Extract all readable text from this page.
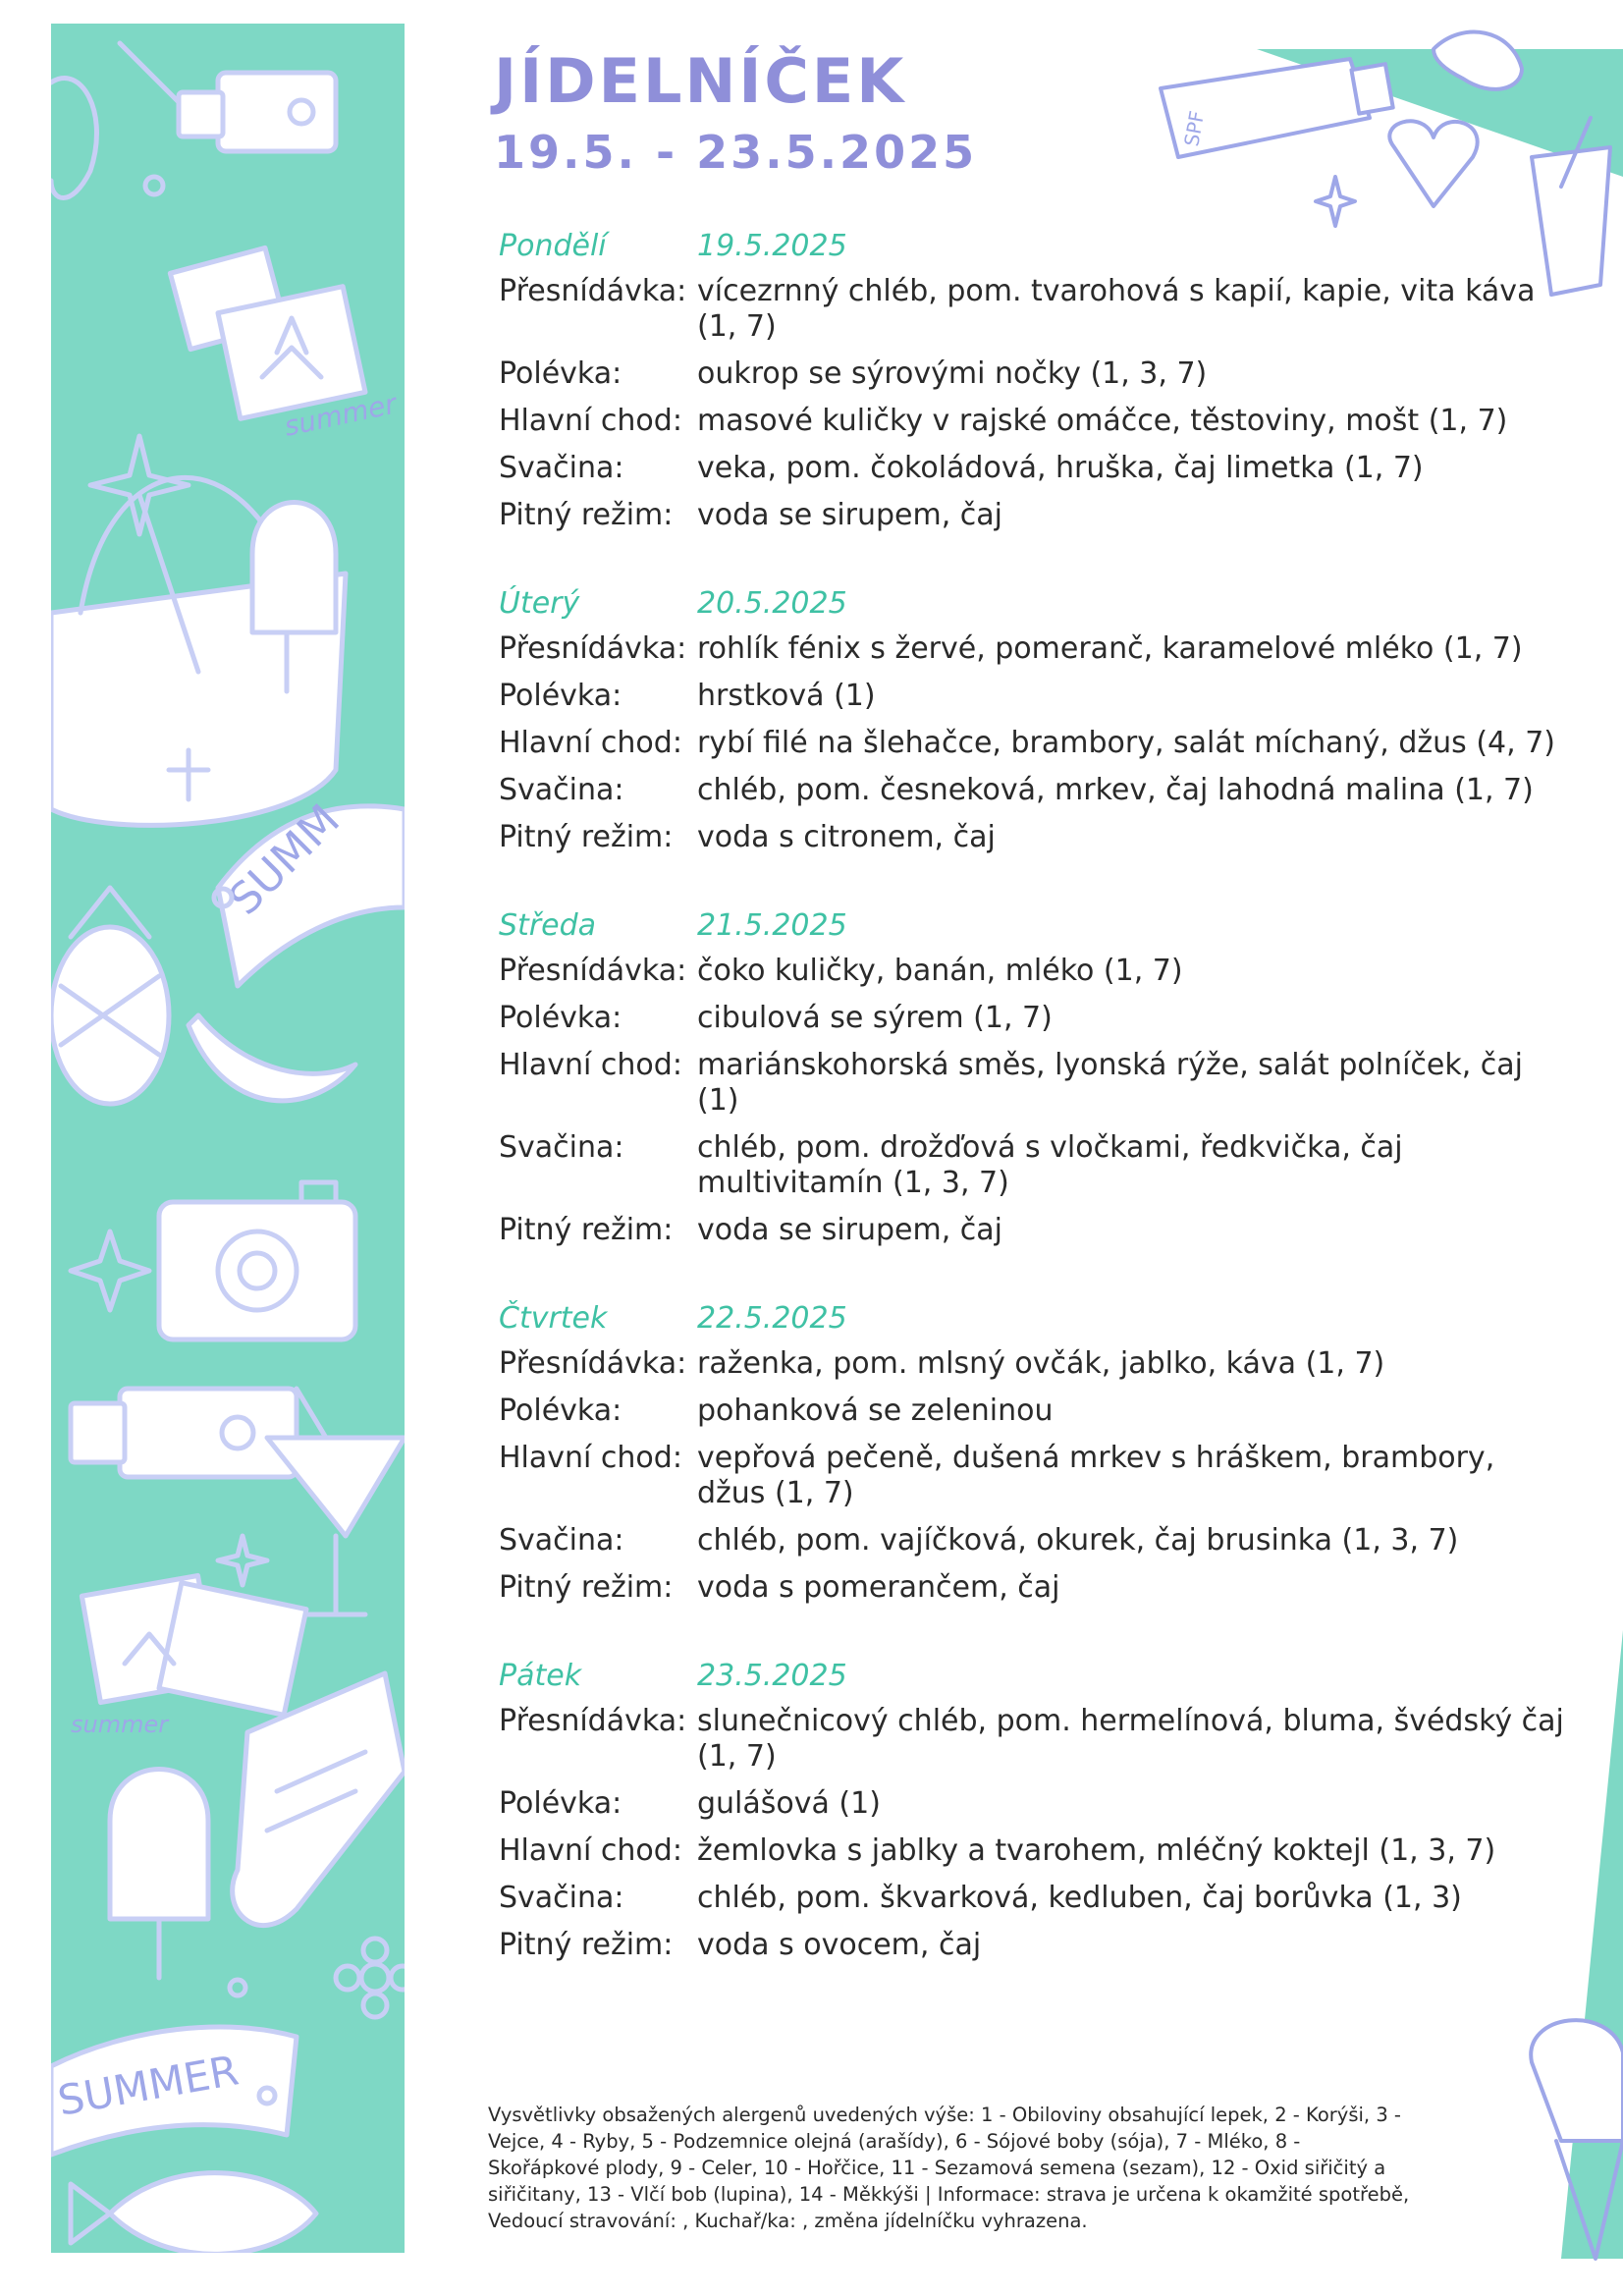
summer
SUMM
summer
SUMMER
SPF
JÍDELNÍČEK
19.5. - 23.5.2025
Pondělí	19.5.2025
Přesnídávka: vícezrnný chléb, pom. tvarohová s kapií, kapie, vita káva (1, 7)
Polévka:	oukrop se sýrovými nočky (1, 3, 7)
Hlavní chod: masové kuličky v rajské omáčce, těstoviny, mošt (1, 7)
Svačina:	veka, pom. čokoládová, hruška, čaj limetka (1, 7)
Pitný režim: voda se sirupem, čaj
Úterý	20.5.2025
Přesnídávka: rohlík fénix s žervé, pomeranč, karamelové mléko (1, 7)
Polévka:	hrstková (1)
Hlavní chod: rybí filé na šlehačce, brambory, salát míchaný, džus (4, 7)
Svačina:	chléb, pom. česneková, mrkev, čaj lahodná malina (1, 7)
Pitný režim: voda s citronem, čaj
Středa	21.5.2025
Přesnídávka: čoko kuličky, banán, mléko (1, 7)
Polévka:	cibulová se sýrem (1, 7)
Hlavní chod: mariánskohorská směs, lyonská rýže, salát polníček, čaj (1)
Svačina:	chléb, pom. drožďová s vločkami, ředkvička, čaj multivitamín (1, 3, 7)
Pitný režim: voda se sirupem, čaj
Čtvrtek	22.5.2025
Přesnídávka: raženka, pom. mlsný ovčák, jablko, káva (1, 7)
Polévka:	pohanková se zeleninou
Hlavní chod: vepřová pečeně, dušená mrkev s hráškem, brambory, džus (1, 7)
Svačina:	chléb, pom. vajíčková, okurek, čaj brusinka (1, 3, 7)
Pitný režim: voda s pomerančem, čaj
Pátek	23.5.2025
Přesnídávka: slunečnicový chléb, pom. hermelínová, bluma, švédský čaj (1, 7)
Polévka:	gulášová (1)
Hlavní chod: žemlovka s jablky a tvarohem, mléčný koktejl (1, 3, 7)
Svačina:	chléb, pom. škvarková, kedluben, čaj borůvka (1, 3)
Pitný režim: voda s ovocem, čaj

Vysvětlivky obsažených alergenů uvedených výše: 1 - Obiloviny obsahující lepek, 2 - Korýši, 3 - Vejce, 4 - Ryby, 5 - Podzemnice olejná (arašídy), 6 - Sójové boby (sója), 7 - Mléko, 8 - Skořápkové plody, 9 - Celer, 10 - Hořčice, 11 - Sezamová semena (sezam), 12 - Oxid siřičitý a siřičitany, 13 - Vlčí bob (lupina), 14 - Měkkýši | Informace: strava je určena k okamžité spotřebě, Vedoucí stravování: , Kuchař/ka: , změna jídelníčku vyhrazena.
